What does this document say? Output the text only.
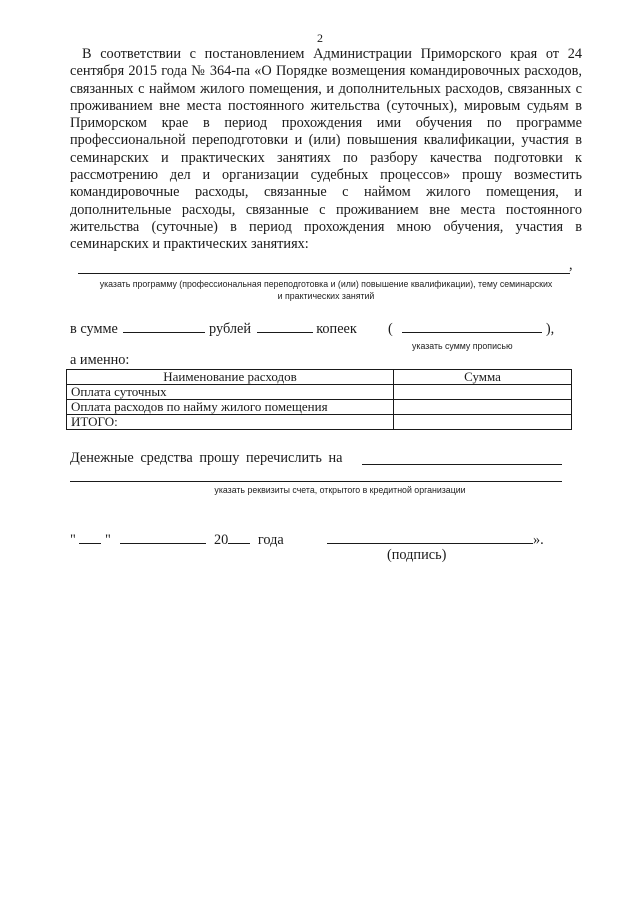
2
В соответствии с постановлением Администрации Приморского края от 24 сентября 2015 года № 364-па «О Порядке возмещения командировочных расходов, связанных с наймом жилого помещения, и дополнительных расходов, связанных с проживанием вне места постоянного жительства (суточных), мировым судьям в Приморском крае в период прохождения ими обучения по программе профессиональной переподготовки и (или) повышения квалификации, участия в семинарских и практических занятиях по разбору качества подготовки к рассмотрению дел и организации судебных процессов» прошу возместить командировочные расходы, связанные с наймом жилого помещения, и дополнительные расходы, связанные с проживанием вне места постоянного жительства (суточные) в период прохождения мною обучения, участия в семинарских и практических занятиях:
,
указать программу (профессиональная переподготовка и (или) повышение квалификации), тему семинарских
и практических занятий
в сумме	рублей	копеек (	),
указать сумму прописью
а именно:
Наименование расходов	Сумма
Оплата суточных	
Оплата расходов по найму жилого помещения	
ИТОГО:	
Денежные средства прошу перечислить на
указать реквизиты счета, открытого в кредитной организации
" "	20 года	».
(подпись)
